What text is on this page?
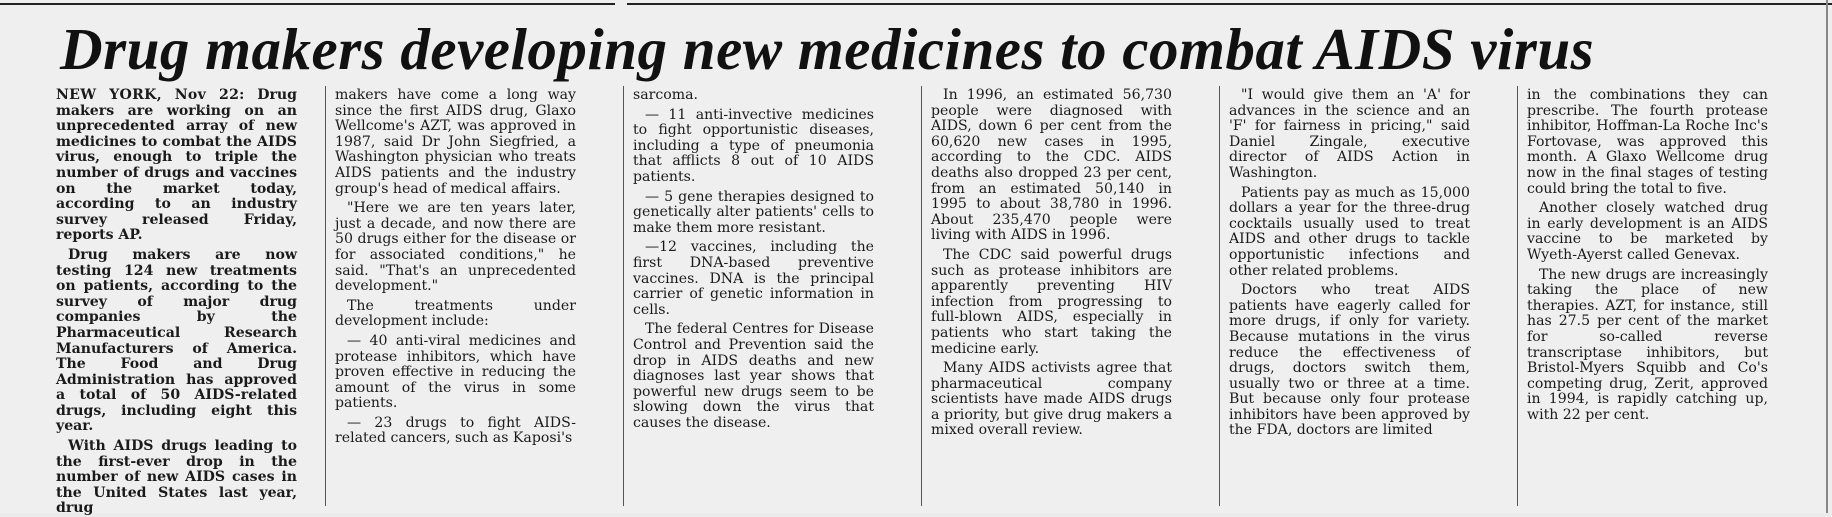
Drug makers developing new medicines to combat AIDS virus

NEW YORK, Nov 22: Drug makers are working on an unprecedented array of new medicines to combat the AIDS virus, enough to triple the number of drugs and vaccines on the market today, according to an industry survey released Friday, reports AP.

Drug makers are now testing 124 new treatments on patients, according to the survey of major drug companies by the Pharmaceutical Research Manufacturers of America. The Food and Drug Administration has approved a total of 50 AIDS-related drugs, including eight this year.

With AIDS drugs leading to the first-ever drop in the number of new AIDS cases in the United States last year, drug

makers have come a long way since the first AIDS drug, Glaxo Wellcome's AZT, was approved in 1987, said Dr John Siegfried, a Washington physician who treats AIDS patients and the industry group's head of medical affairs.

"Here we are ten years later, just a decade, and now there are 50 drugs either for the disease or for associated conditions," he said. "That's an unprecedented development."

The treatments under development include:

— 40 anti-viral medicines and protease inhibitors, which have proven effective in reducing the amount of the virus in some patients.

— 23 drugs to fight AIDS-related cancers, such as Kaposi's

sarcoma.

— 11 anti-invective medicines to fight opportunistic diseases, including a type of pneumonia that afflicts 8 out of 10 AIDS patients.

— 5 gene therapies designed to genetically alter patients' cells to make them more resistant.

—12 vaccines, including the first DNA-based preventive vaccines. DNA is the principal carrier of genetic information in cells.

The federal Centres for Disease Control and Prevention said the drop in AIDS deaths and new diagnoses last year shows that powerful new drugs seem to be slowing down the virus that causes the disease.

In 1996, an estimated 56,730 people were diagnosed with AIDS, down 6 per cent from the 60,620 new cases in 1995, according to the CDC. AIDS deaths also dropped 23 per cent, from an estimated 50,140 in 1995 to about 38,780 in 1996. About 235,470 people were living with AIDS in 1996.

The CDC said powerful drugs such as protease inhibitors are apparently preventing HIV infection from progressing to full-blown AIDS, especially in patients who start taking the medicine early.

Many AIDS activists agree that pharmaceutical company scientists have made AIDS drugs a priority, but give drug makers a mixed overall review.

"I would give them an 'A' for advances in the science and an 'F' for fairness in pricing," said Daniel Zingale, executive director of AIDS Action in Washington.

Patients pay as much as 15,000 dollars a year for the three-drug cocktails usually used to treat AIDS and other drugs to tackle opportunistic infections and other related problems.

Doctors who treat AIDS patients have eagerly called for more drugs, if only for variety. Because mutations in the virus reduce the effectiveness of drugs, doctors switch them, usually two or three at a time. But because only four protease inhibitors have been approved by the FDA, doctors are limited

in the combinations they can prescribe. The fourth protease inhibitor, Hoffman-La Roche Inc's Fortovase, was approved this month. A Glaxo Wellcome drug now in the final stages of testing could bring the total to five.

Another closely watched drug in early development is an AIDS vaccine to be marketed by Wyeth-Ayerst called Genevax.

The new drugs are increasingly taking the place of new therapies. AZT, for instance, still has 27.5 per cent of the market for so-called reverse transcriptase inhibitors, but Bristol-Myers Squibb and Co's competing drug, Zerit, approved in 1994, is rapidly catching up, with 22 per cent.
